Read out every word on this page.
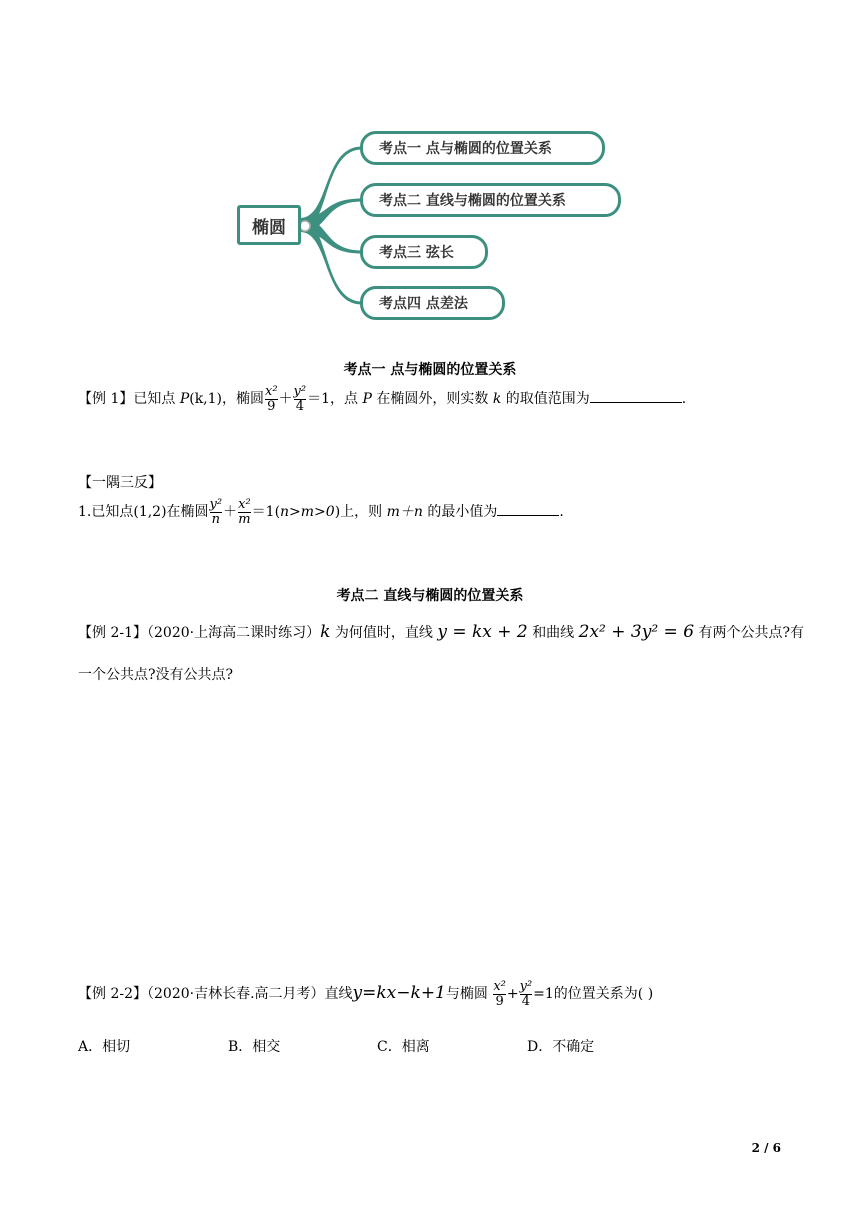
椭圆
考点一 点与椭圆的位置关系
考点二 直线与椭圆的位置关系
考点三 弦长
考点四 点差法
考点一 点与椭圆的位置关系
【例 1】已知点 P(k,1)，椭圆 $\frac{\text{x²}}{9} + \frac{\text{y²}}{4} =1$，点 P 在椭圆外，则实数 k 的取值范围为	.
【一隅三反】
1.已知点(1,2)在椭圆 $\frac{\text{y²}}{n} + \frac{\text{x²}}{m} =1(n>m>0)$上，则 m＋n 的最小值为	.
考点二 直线与椭圆的位置关系
【例 2-1】（2020·上海高二课时练习）k 为何值时，直线 y = kx + 2 和曲线 2x² + 3y² = 6 有两个公共点?有
一个公共点?没有公共点?
【例 2-2】（2020·吉林长春.高二月考）直线y=kx−k+1与椭圆 $\frac{\text{x²}}{9} + \frac{\text{y²}}{4} =1$的位置关系为( )
A．相切	B．相交	C．相离	D．不确定
2 / 6
